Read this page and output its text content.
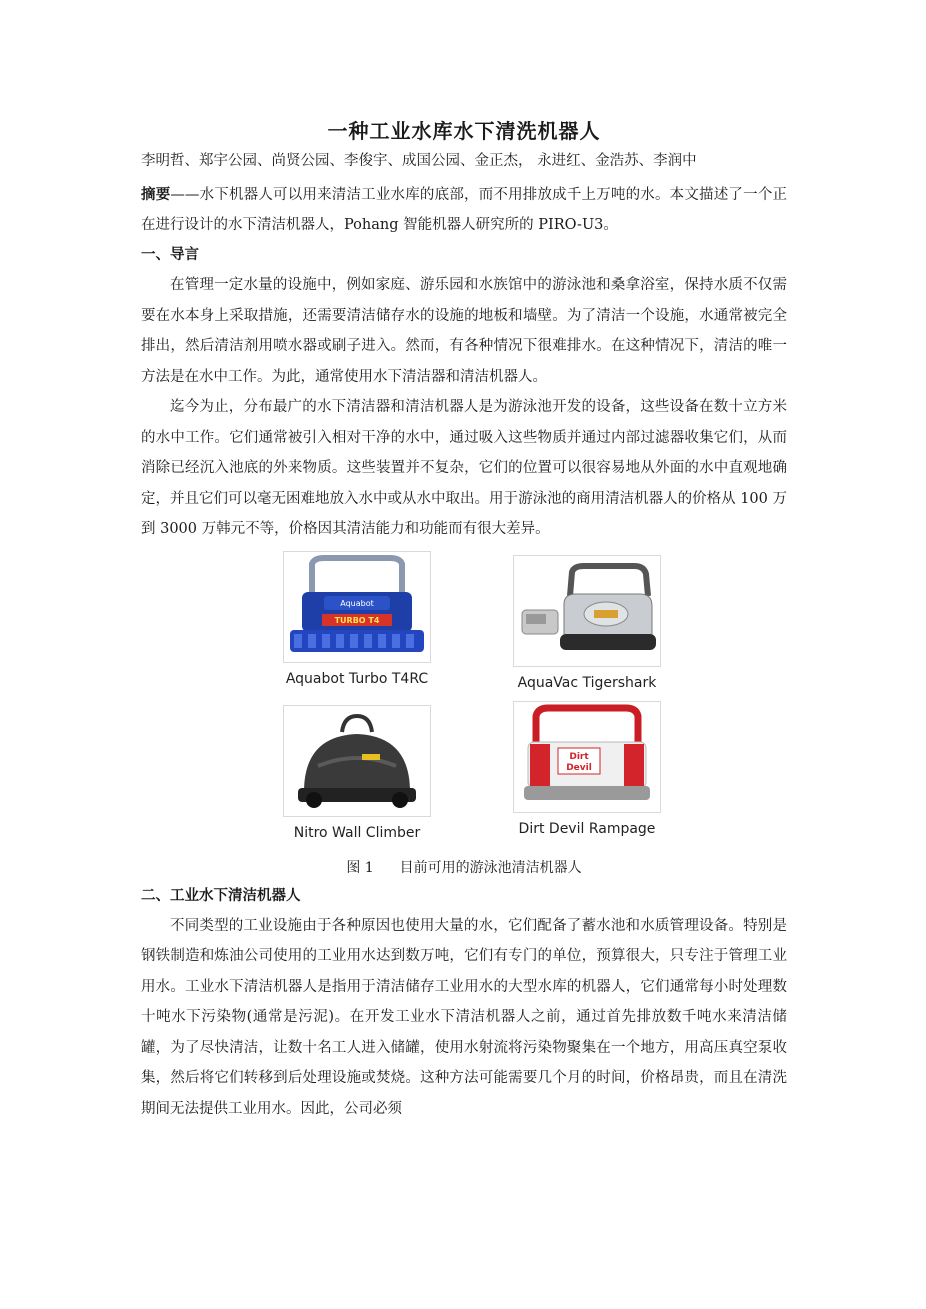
一种工业水库水下清洗机器人
李明哲、郑宇公园、尚贤公园、李俊宇、成国公园、金正杰， 永进红、金浩苏、李润中

摘要——水下机器人可以用来清洁工业水库的底部，而不用排放成千上万吨的水。本文描述了一个正在进行设计的水下清洁机器人，Pohang 智能机器人研究所的 PIRO-U3。

一、导言

在管理一定水量的设施中，例如家庭、游乐园和水族馆中的游泳池和桑拿浴室，保持水质不仅需要在水本身上采取措施，还需要清洁储存水的设施的地板和墙壁。为了清洁一个设施，水通常被完全排出，然后清洁剂用喷水器或刷子进入。然而，有各种情况下很难排水。在这种情况下，清洁的唯一方法是在水中工作。为此，通常使用水下清洁器和清洁机器人。

迄今为止，分布最广的水下清洁器和清洁机器人是为游泳池开发的设备，这些设备在数十立方米的水中工作。它们通常被引入相对干净的水中，通过吸入这些物质并通过内部过滤器收集它们，从而消除已经沉入池底的外来物质。这些装置并不复杂，它们的位置可以很容易地从外面的水中直观地确定，并且它们可以毫无困难地放入水中或从水中取出。用于游泳池的商用清洁机器人的价格从 100 万到 3000 万韩元不等，价格因其清洁能力和功能而有很大差异。

Aquabot
TURBO T4
Aquabot Turbo T4RC	AquaVac Tigershark
Nitro Wall Climber
Dirt
Devil
Dirt Devil Rampage
图 1 目前可用的游泳池清洁机器人
二、工业水下清洁机器人

不同类型的工业设施由于各种原因也使用大量的水，它们配备了蓄水池和水质管理设备。特别是钢铁制造和炼油公司使用的工业用水达到数万吨，它们有专门的单位，预算很大，只专注于管理工业用水。工业水下清洁机器人是指用于清洁储存工业用水的大型水库的机器人，它们通常每小时处理数十吨水下污染物(通常是污泥)。在开发工业水下清洁机器人之前，通过首先排放数千吨水来清洁储罐，为了尽快清洁，让数十名工人进入储罐，使用水射流将污染物聚集在一个地方，用高压真空泵收集，然后将它们转移到后处理设施或焚烧。这种方法可能需要几个月的时间，价格昂贵，而且在清洗期间无法提供工业用水。因此，公司必须
